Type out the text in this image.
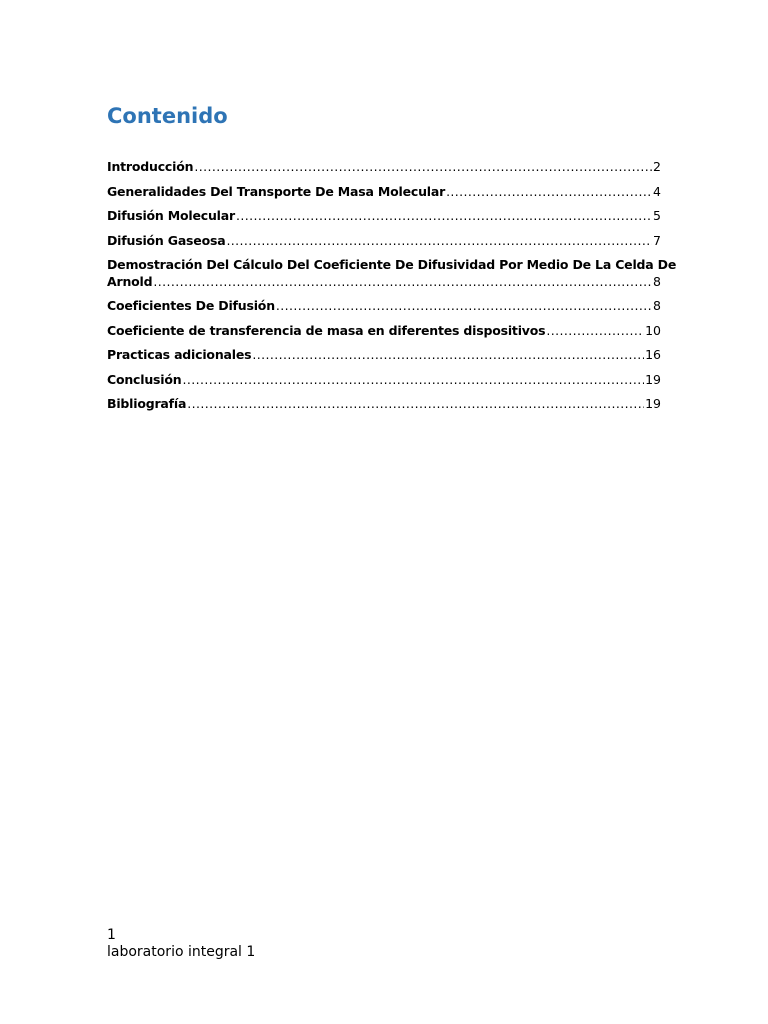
Contenido
Introducción .....	2
Generalidades Del Transporte De Masa Molecular .....	4
Difusión Molecular .....	5
Difusión Gaseosa .....	7
Demostración Del Cálculo Del Coeficiente De Difusividad Por Medio De La Celda De
Arnold .....	8
Coeficientes De Difusión .....	8
Coeficiente de transferencia de masa en diferentes dispositivos .....	10
Practicas adicionales .....	16
Conclusión .....	19
Bibliografía .....	19
1
laboratorio integral 1
